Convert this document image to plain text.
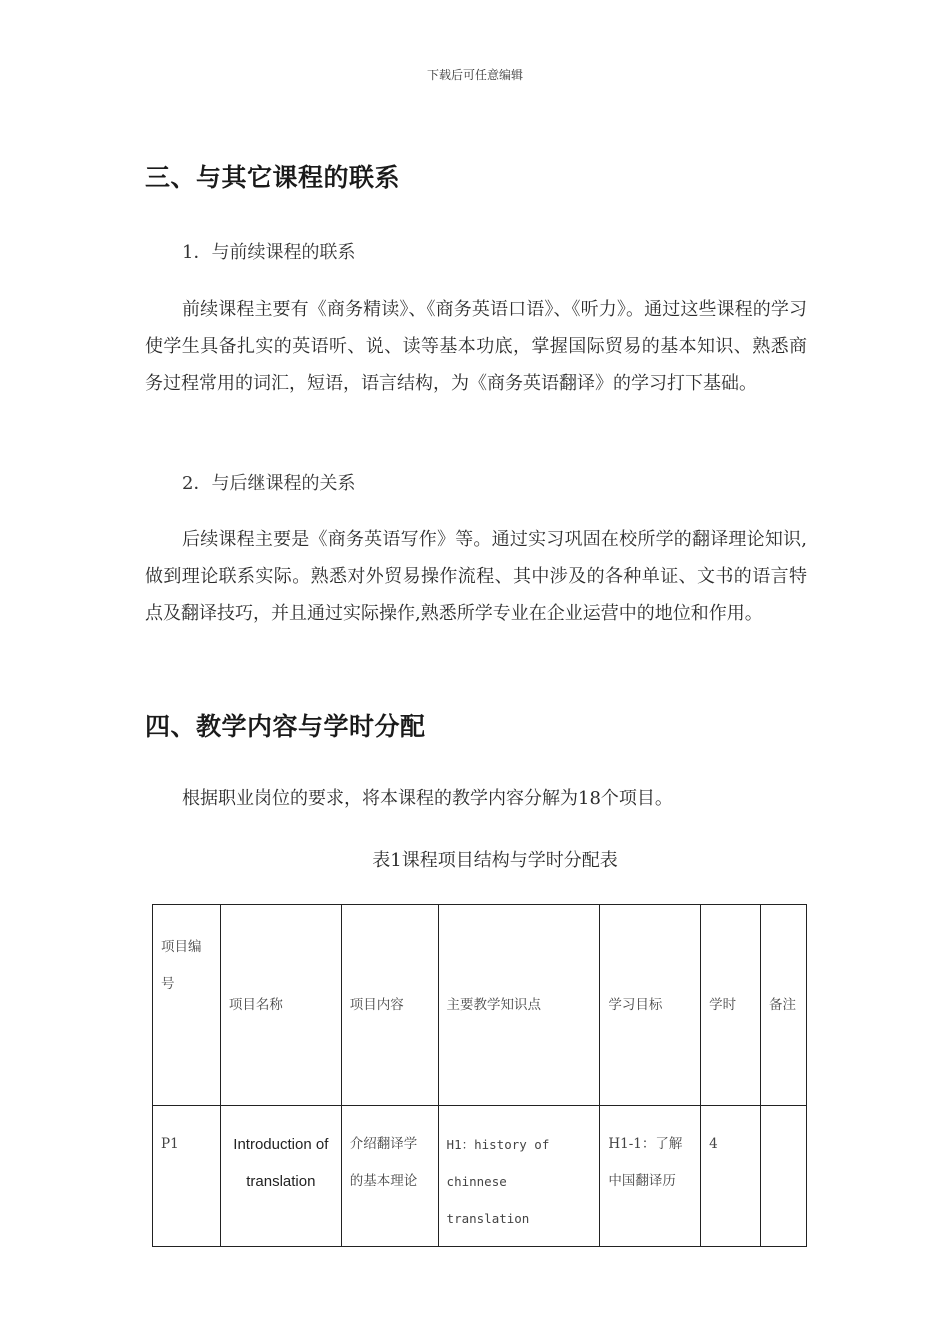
下载后可任意编辑
三、与其它课程的联系
1．与前续课程的联系

前续课程主要有《商务精读》、《商务英语口语》、《听力》。通过这些课程的学习使学生具备扎实的英语听、说、读等基本功底，掌握国际贸易的基本知识、熟悉商务过程常用的词汇，短语，语言结构，为《商务英语翻译》的学习打下基础。

2．与后继课程的关系

后续课程主要是《商务英语写作》等。通过实习巩固在校所学的翻译理论知识,做到理论联系实际。熟悉对外贸易操作流程、其中涉及的各种单证、文书的语言特点及翻译技巧，并且通过实际操作,熟悉所学专业在企业运营中的地位和作用。

四、教学内容与学时分配

根据职业岗位的要求，将本课程的教学内容分解为18个项目。

表1课程项目结构与学时分配表
项目编号	项目名称	项目内容	主要教学知识点	学习目标	学时	备注
P1	Introduction of translation	介绍翻译学的基本理论	H1：history of chinnese translation	H1-1：了解中国翻译历	4	
